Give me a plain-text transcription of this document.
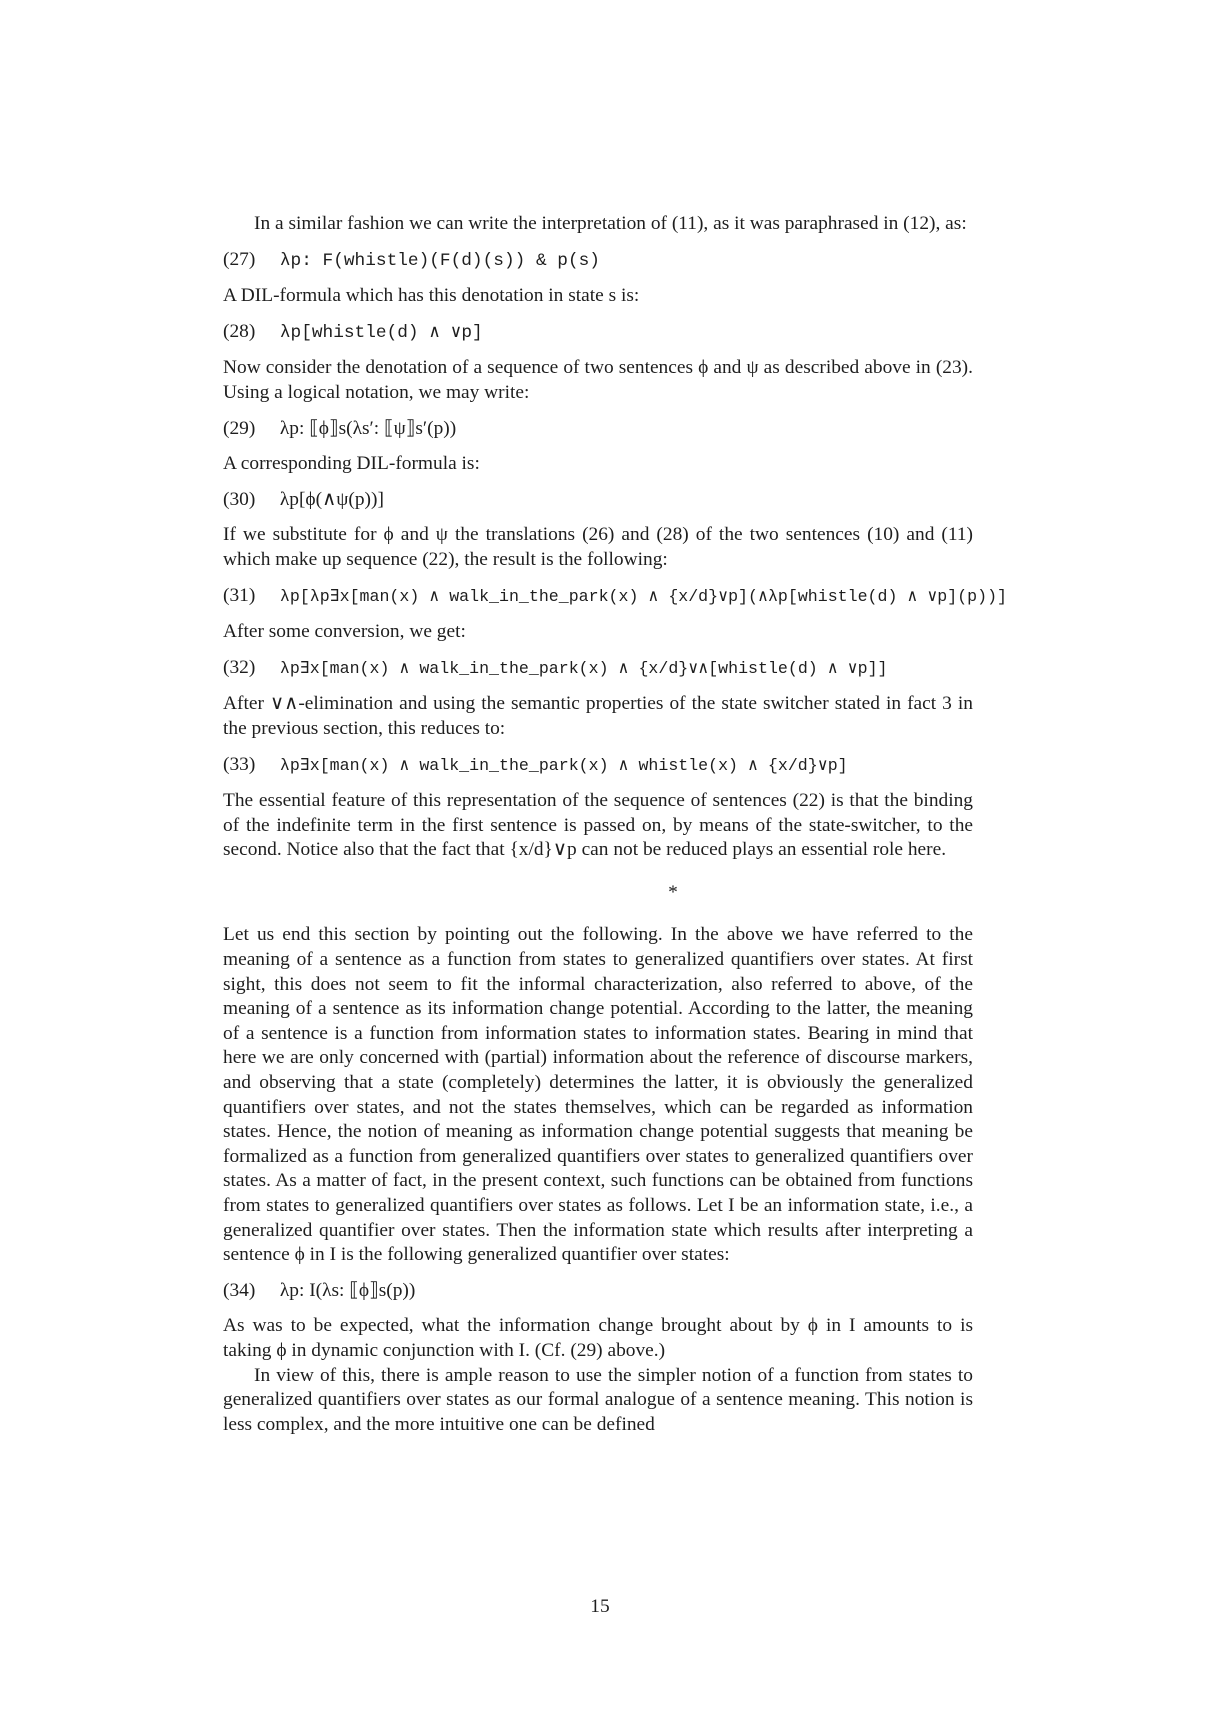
In a similar fashion we can write the interpretation of (11), as it was paraphrased in (12), as:

(27) λp: F(whistle)(F(d)(s)) & p(s)

A DIL-formula which has this denotation in state s is:

(28) λp[whistle(d) ∧ ∨p]

Now consider the denotation of a sequence of two sentences ϕ and ψ as described above in (23). Using a logical notation, we may write:

(29) λp: ⟦ϕ⟧s(λs′: ⟦ψ⟧s′(p))

A corresponding DIL-formula is:

(30) λp[ϕ(∧ψ(p))]

If we substitute for ϕ and ψ the translations (26) and (28) of the two sentences (10) and (11) which make up sequence (22), the result is the following:

(31) λp[λp∃x[man(x) ∧ walk_in_the_park(x) ∧ {x/d}∨p](∧λp[whistle(d) ∧ ∨p](p))]

After some conversion, we get:

(32) λp∃x[man(x) ∧ walk_in_the_park(x) ∧ {x/d}∨∧[whistle(d) ∧ ∨p]]

After ∨∧-elimination and using the semantic properties of the state switcher stated in fact 3 in the previous section, this reduces to:

(33) λp∃x[man(x) ∧ walk_in_the_park(x) ∧ whistle(x) ∧ {x/d}∨p]

The essential feature of this representation of the sequence of sentences (22) is that the binding of the indefinite term in the first sentence is passed on, by means of the state-switcher, to the second. Notice also that the fact that {x/d}∨p can not be reduced plays an essential role here.

*

Let us end this section by pointing out the following. In the above we have referred to the meaning of a sentence as a function from states to generalized quantifiers over states. At first sight, this does not seem to fit the informal characterization, also referred to above, of the meaning of a sentence as its information change potential. According to the latter, the meaning of a sentence is a function from information states to information states. Bearing in mind that here we are only concerned with (partial) information about the reference of discourse markers, and observing that a state (completely) determines the latter, it is obviously the generalized quantifiers over states, and not the states themselves, which can be regarded as information states. Hence, the notion of meaning as information change potential suggests that meaning be formalized as a function from generalized quantifiers over states to generalized quantifiers over states. As a matter of fact, in the present context, such functions can be obtained from functions from states to generalized quantifiers over states as follows. Let I be an information state, i.e., a generalized quantifier over states. Then the information state which results after interpreting a sentence ϕ in I is the following generalized quantifier over states:

(34) λp: I(λs: ⟦ϕ⟧s(p))

As was to be expected, what the information change brought about by ϕ in I amounts to is taking ϕ in dynamic conjunction with I. (Cf. (29) above.)

In view of this, there is ample reason to use the simpler notion of a function from states to generalized quantifiers over states as our formal analogue of a sentence meaning. This notion is less complex, and the more intuitive one can be defined

15
